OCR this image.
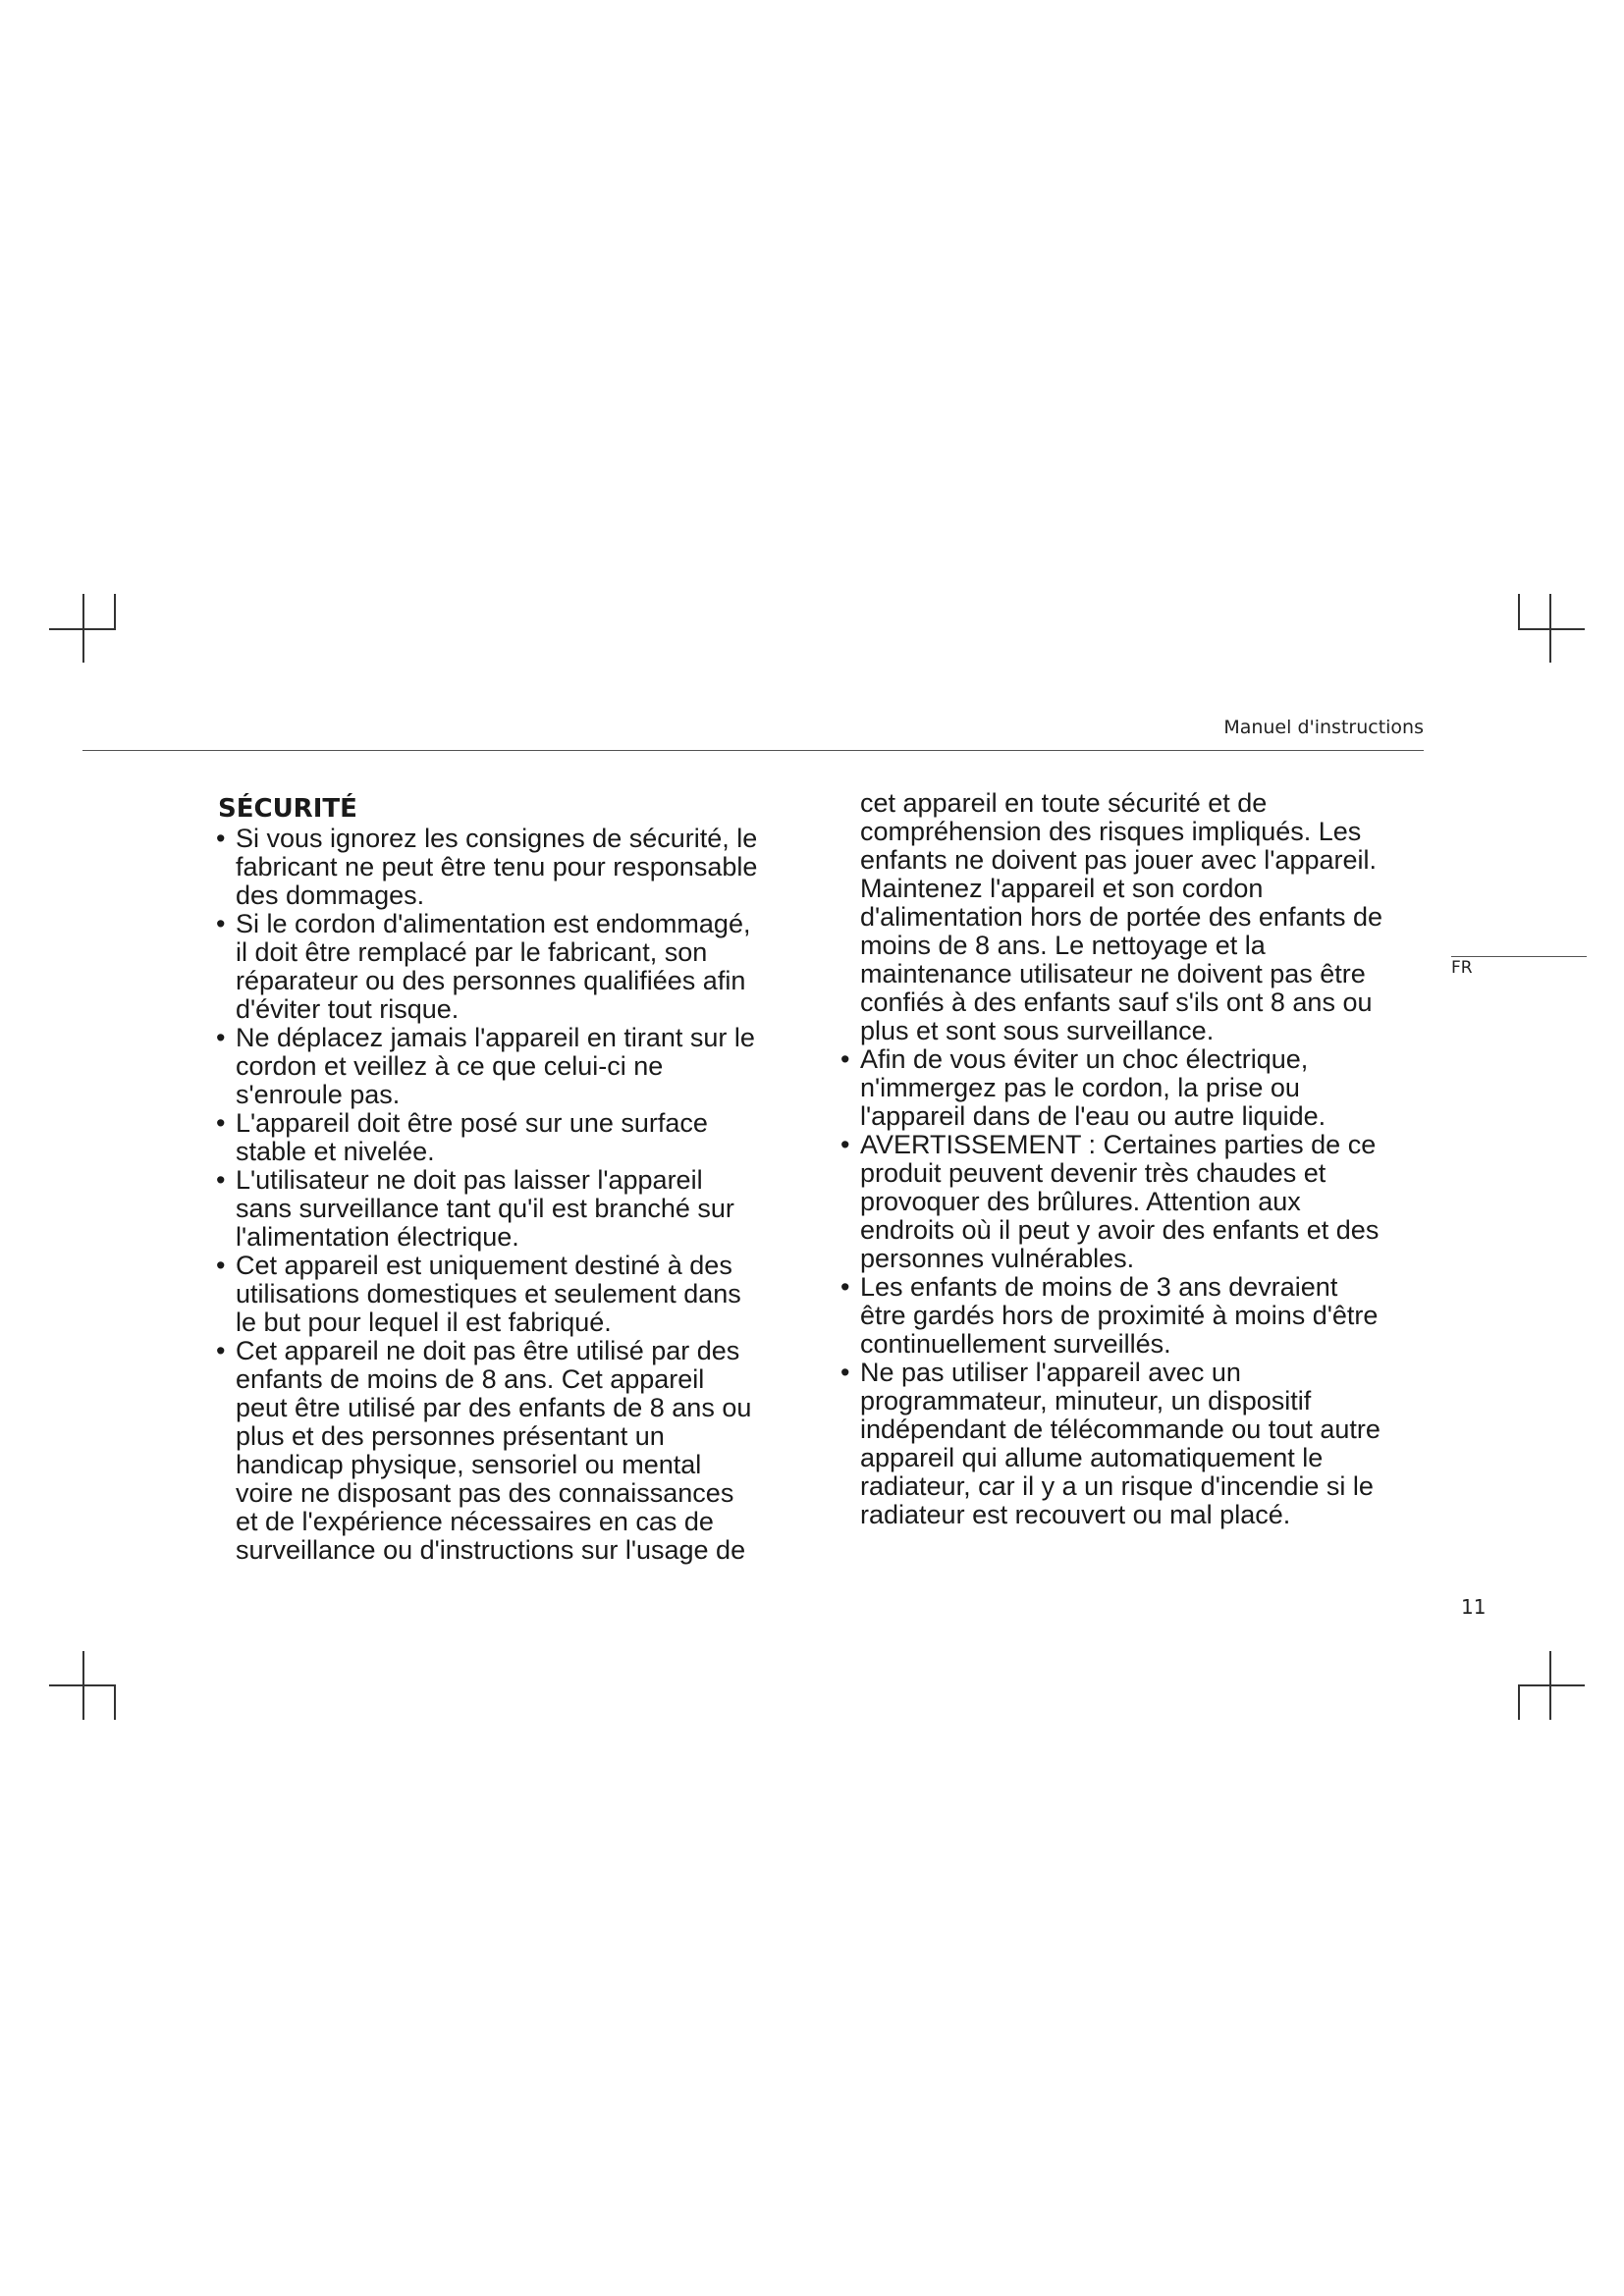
Manuel d'instructions
FR
SÉCURITÉ
• Si vous ignorez les consignes de sécurité, le
fabricant ne peut être tenu pour responsable
des dommages.
• Si le cordon d'alimentation est endommagé,
il doit être remplacé par le fabricant, son
réparateur ou des personnes qualifiées afin
d'éviter tout risque.
• Ne déplacez jamais l'appareil en tirant sur le
cordon et veillez à ce que celui-ci ne
s'enroule pas.
• L'appareil doit être posé sur une surface
stable et nivelée.
• L'utilisateur ne doit pas laisser l'appareil
sans surveillance tant qu'il est branché sur
l'alimentation électrique.
• Cet appareil est uniquement destiné à des
utilisations domestiques et seulement dans
le but pour lequel il est fabriqué.
• Cet appareil ne doit pas être utilisé par des
enfants de moins de 8 ans. Cet appareil
peut être utilisé par des enfants de 8 ans ou
plus et des personnes présentant un
handicap physique, sensoriel ou mental
voire ne disposant pas des connaissances
et de l'expérience nécessaires en cas de
surveillance ou d'instructions sur l'usage de
cet appareil en toute sécurité et de
compréhension des risques impliqués. Les
enfants ne doivent pas jouer avec l'appareil.
Maintenez l'appareil et son cordon
d'alimentation hors de portée des enfants de
moins de 8 ans. Le nettoyage et la
maintenance utilisateur ne doivent pas être
confiés à des enfants sauf s'ils ont 8 ans ou
plus et sont sous surveillance.
• Afin de vous éviter un choc électrique,
n'immergez pas le cordon, la prise ou
l'appareil dans de l'eau ou autre liquide.
• AVERTISSEMENT : Certaines parties de ce
produit peuvent devenir très chaudes et
provoquer des brûlures. Attention aux
endroits où il peut y avoir des enfants et des
personnes vulnérables.
• Les enfants de moins de 3 ans devraient
être gardés hors de proximité à moins d'être
continuellement surveillés.
• Ne pas utiliser l'appareil avec un
programmateur, minuteur, un dispositif
indépendant de télécommande ou tout autre
appareil qui allume automatiquement le
radiateur, car il y a un risque d'incendie si le
radiateur est recouvert ou mal placé.
11
